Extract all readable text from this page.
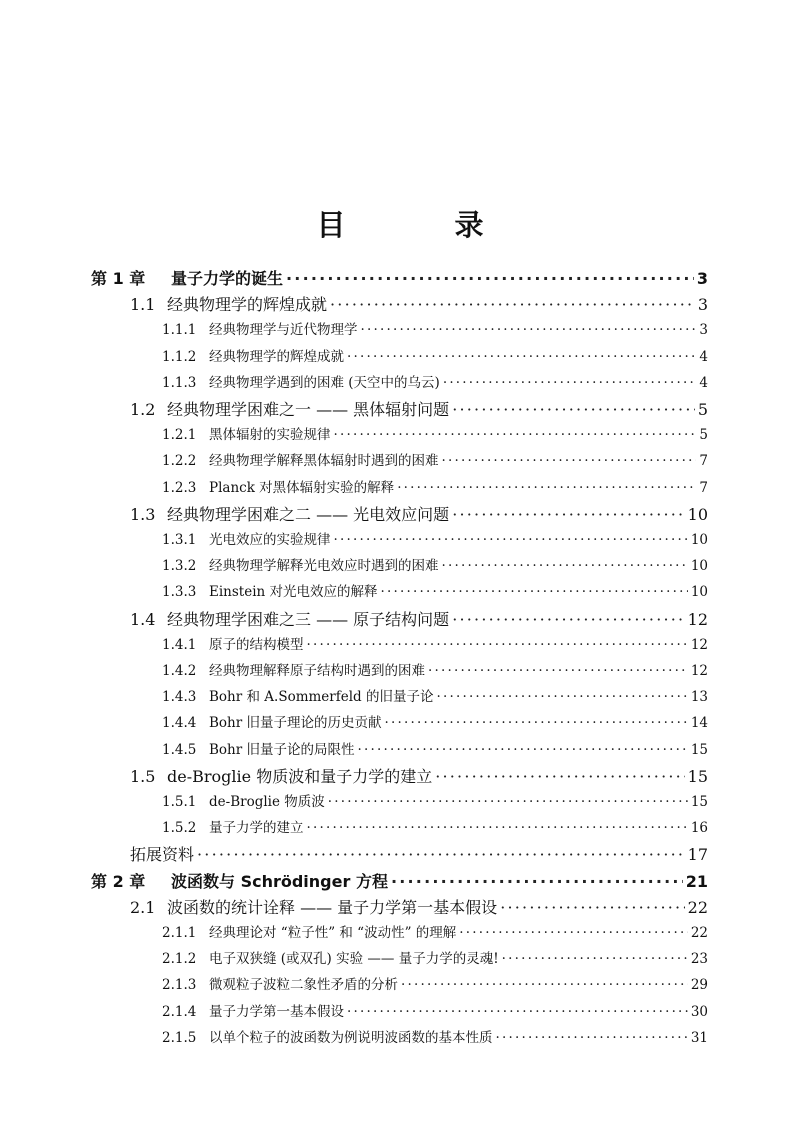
目　录
第 1 章	量子力学的诞生 ·····	3
1.1 经典物理学的辉煌成就 ·····	3
1.1.1 经典物理学与近代物理学 ·····	3
1.1.2 经典物理学的辉煌成就 ·····	4
1.1.3 经典物理学遇到的困难 (天空中的乌云) ·····	4
1.2 经典物理学困难之一 —— 黑体辐射问题 ·····	5
1.2.1 黑体辐射的实验规律 ·····	5
1.2.2 经典物理学解释黑体辐射时遇到的困难 ·····	7
1.2.3 Planck 对黑体辐射实验的解释 ·····	7
1.3 经典物理学困难之二 —— 光电效应问题 ·····	10
1.3.1 光电效应的实验规律 ·····	10
1.3.2 经典物理学解释光电效应时遇到的困难 ·····	10
1.3.3 Einstein 对光电效应的解释 ·····	10
1.4 经典物理学困难之三 —— 原子结构问题 ·····	12
1.4.1 原子的结构模型 ·····	12
1.4.2 经典物理解释原子结构时遇到的困难 ·····	12
1.4.3 Bohr 和 A.Sommerfeld 的旧量子论 ·····	13
1.4.4 Bohr 旧量子理论的历史贡献 ·····	14
1.4.5 Bohr 旧量子论的局限性 ·····	15
1.5 de-Broglie 物质波和量子力学的建立 ·····	15
1.5.1 de-Broglie 物质波 ·····	15
1.5.2 量子力学的建立 ·····	16
拓展资料 ·····	17
第 2 章	波函数与 Schrödinger 方程 ·····	21
2.1 波函数的统计诠释 —— 量子力学第一基本假设 ·····	22
2.1.1 经典理论对 “粒子性” 和 “波动性” 的理解 ·····	22
2.1.2 电子双狭缝 (或双孔) 实验 —— 量子力学的灵魂! ·····	23
2.1.3 微观粒子波粒二象性矛盾的分析 ·····	29
2.1.4 量子力学第一基本假设 ·····	30
2.1.5 以单个粒子的波函数为例说明波函数的基本性质 ·····	31
